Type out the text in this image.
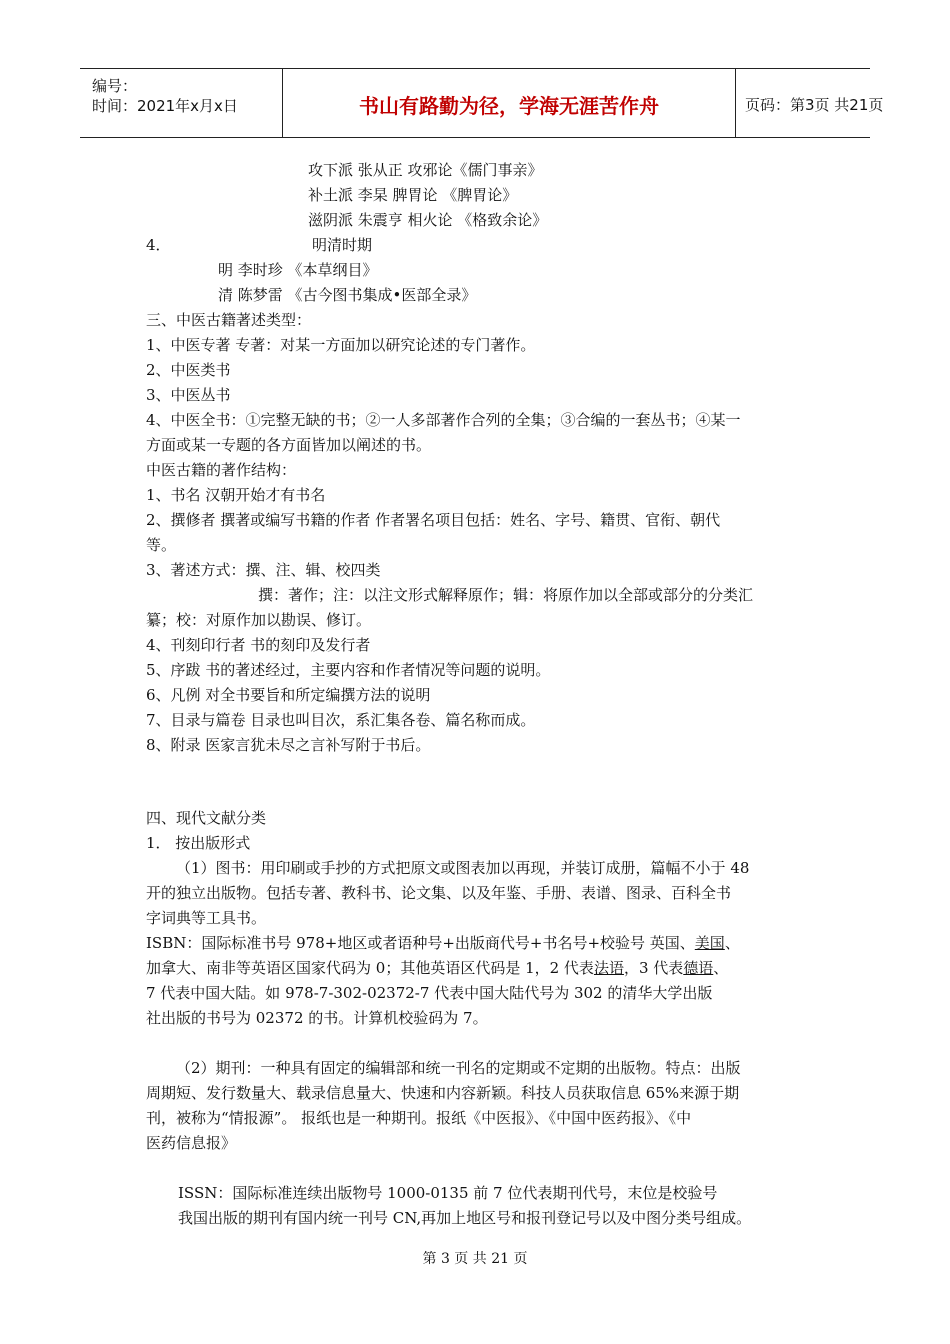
编号：
时间：2021年x月x日	书山有路勤为径，学海无涯苦作舟	页码：第3页 共21页
攻下派 张从正 攻邪论《儒门事亲》
补土派 李杲 脾胃论 《脾胃论》
滋阴派 朱震亨 相火论 《格致余论》
4．	明清时期
明 李时珍 《本草纲目》
清 陈梦雷 《古今图书集成•医部全录》
三、中医古籍著述类型：
1、中医专著 专著：对某一方面加以研究论述的专门著作。
2、中医类书
3、中医丛书
4、中医全书：①完整无缺的书；②一人多部著作合列的全集；③合编的一套丛书；④某一
方面或某一专题的各方面皆加以阐述的书。
中医古籍的著作结构：
1、书名 汉朝开始才有书名
2、撰修者 撰著或编写书籍的作者 作者署名项目包括：姓名、字号、籍贯、官衔、朝代
等。
3、著述方式：撰、注、辑、校四类
撰：著作；注：以注文形式解释原作；辑：将原作加以全部或部分的分类汇
纂；校：对原作加以勘误、修订。
4、刊刻印行者 书的刻印及发行者
5、序跋 书的著述经过，主要内容和作者情况等问题的说明。
6、凡例 对全书要旨和所定编撰方法的说明
7、目录与篇卷 目录也叫目次，系汇集各卷、篇名称而成。
8、附录 医家言犹未尽之言补写附于书后。
四、现代文献分类
1． 按出版形式
（1）图书：用印刷或手抄的方式把原文或图表加以再现，并装订成册，篇幅不小于 48
开的独立出版物。包括专著、教科书、论文集、以及年鉴、手册、表谱、图录、百科全书
字词典等工具书。
ISBN：国际标准书号 978+地区或者语种号+出版商代号+书名号+校验号 英国、美国、
加拿大、南非等英语区国家代码为 0；其他英语区代码是 1，2 代表法语，3 代表德语、
7 代表中国大陆。如 978-7-302-02372-7 代表中国大陆代号为 302 的清华大学出版
社出版的书号为 02372 的书。计算机校验码为 7。
（2）期刊：一种具有固定的编辑部和统一刊名的定期或不定期的出版物。特点：出版
周期短、发行数量大、载录信息量大、快速和内容新颖。科技人员获取信息 65%来源于期
刊，被称为“情报源”。 报纸也是一种期刊。报纸《中医报》、《中国中医药报》、《中
医药信息报》
ISSN：国际标准连续出版物号 1000-0135 前 7 位代表期刊代号，末位是校验号
我国出版的期刊有国内统一刊号 CN,再加上地区号和报刊登记号以及中图分类号组成。
第 3 页 共 21 页
